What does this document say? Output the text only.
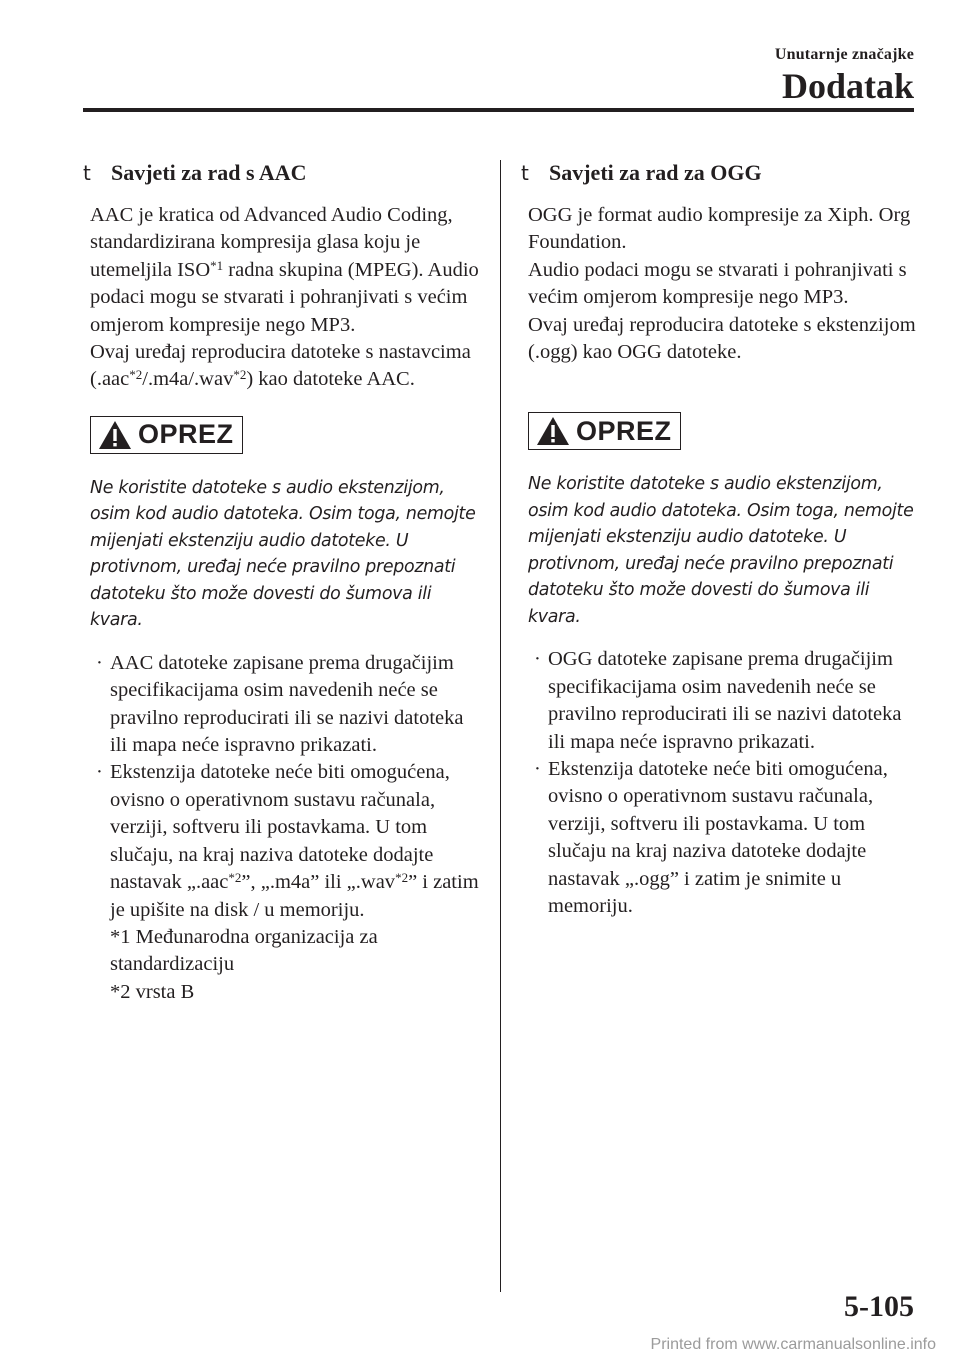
Unutarnje značajke
Dodatak
t Savjeti za rad s AAC

AAC je kratica od Advanced Audio Coding, standardizirana kompresija glasa koju je utemeljila ISO$^{*1}$ radna skupina (MPEG). Audio podaci mogu se stvarati i pohranjivati s većim omjerom kompresije nego MP3.

Ovaj uređaj reproducira datoteke s nastavcima (.aac$^{*2}$/.m4a/.wav$^{*2}$) kao datoteke AAC.

OPREZ
Ne koristite datoteke s audio ekstenzijom, osim kod audio datoteka. Osim toga, nemojte mijenjati ekstenziju audio datoteke. U protivnom, uređaj neće pravilno prepoznati datoteku što može dovesti do šumova ili kvara.
· AAC datoteke zapisane prema drugačijim specifikacijama osim navedenih neće se pravilno reproducirati ili se nazivi datoteka ili mapa neće ispravno prikazati.
· Ekstenzija datoteke neće biti omogućena, ovisno o operativnom sustavu računala, verziji, softveru ili postavkama. U tom slučaju, na kraj naziva datoteke dodajte nastavak „.aac$^{*2}$”, „.m4a” ili „.wav$^{*2}$” i zatim je upišite na disk / u memoriju.
*1 Međunarodna organizacija za standardizaciju
*2 vrsta B
t Savjeti za rad za OGG

OGG je format audio kompresije za Xiph. Org Foundation.

Audio podaci mogu se stvarati i pohranjivati s većim omjerom kompresije nego MP3.

Ovaj uređaj reproducira datoteke s ekstenzijom (.ogg) kao OGG datoteke.

OPREZ
Ne koristite datoteke s audio ekstenzijom, osim kod audio datoteka. Osim toga, nemojte mijenjati ekstenziju audio datoteke. U protivnom, uređaj neće pravilno prepoznati datoteku što može dovesti do šumova ili kvara.
· OGG datoteke zapisane prema drugačijim specifikacijama osim navedenih neće se pravilno reproducirati ili se nazivi datoteka ili mapa neće ispravno prikazati.
· Ekstenzija datoteke neće biti omogućena, ovisno o operativnom sustavu računala, verziji, softveru ili postavkama. U tom slučaju na kraj naziva datoteke dodajte nastavak „.ogg” i zatim je snimite u memoriju.
5-105
Printed from www.carmanualsonline.info
